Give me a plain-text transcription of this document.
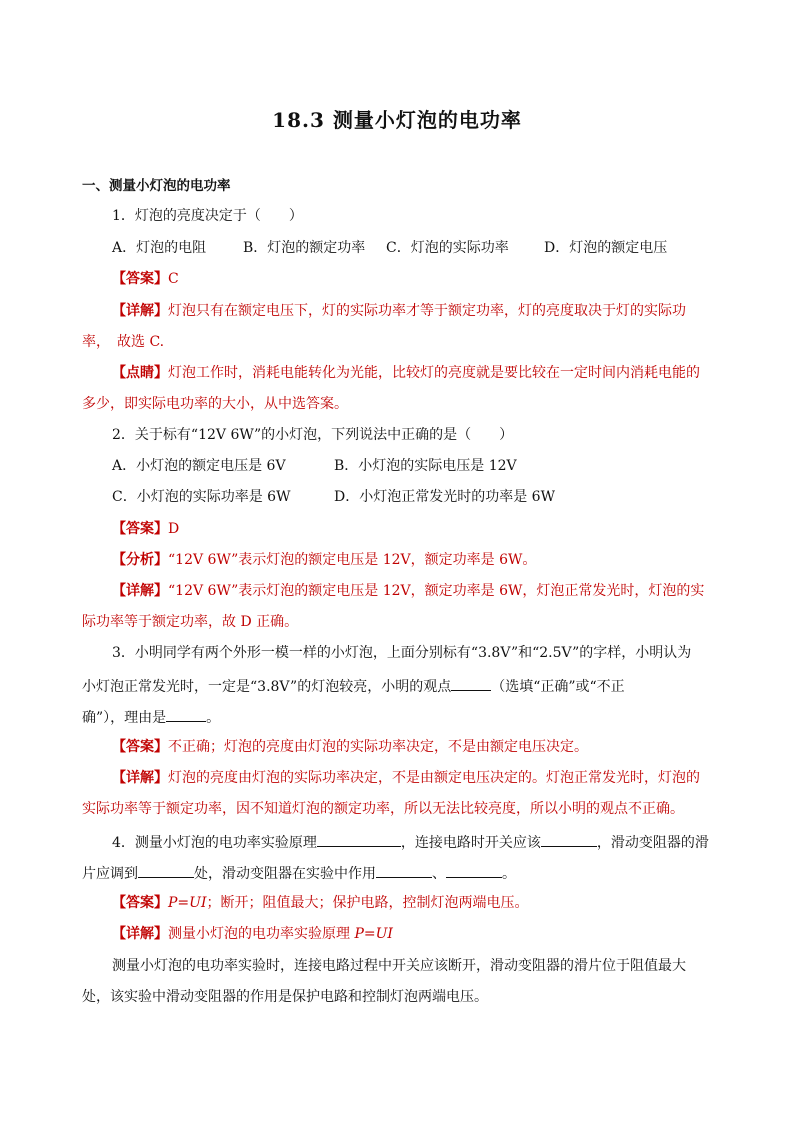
18.3 测量小灯泡的电功率
一、测量小灯泡的电功率
1．灯泡的亮度决定于（　　）
A．灯泡的电阻	B．灯泡的额定功率 C．灯泡的实际功率	D．灯泡的额定电压
【答案】C
【详解】灯泡只有在额定电压下，灯的实际功率才等于额定功率，灯的亮度取决于灯的实际功
率，　故选 C.
【点睛】灯泡工作时，消耗电能转化为光能，比较灯的亮度就是要比较在一定时间内消耗电能的
多少，即实际电功率的大小，从中选答案。
2．关于标有“12V 6W”的小灯泡，下列说法中正确的是（　　）
A．小灯泡的额定电压是 6V	B．小灯泡的实际电压是 12V
C．小灯泡的实际功率是 6W	D．小灯泡正常发光时的功率是 6W
【答案】D
【分析】“12V 6W”表示灯泡的额定电压是 12V，额定功率是 6W。
【详解】“12V 6W”表示灯泡的额定电压是 12V，额定功率是 6W，灯泡正常发光时，灯泡的实
际功率等于额定功率，故 D 正确。
3．小明同学有两个外形一模一样的小灯泡，上面分别标有“3.8V”和“2.5V”的字样，小明认为
小灯泡正常发光时，一定是“3.8V”的灯泡较亮，小明的观点	（选填“正确”或“不正
确”），理由是	。
【答案】不正确；灯泡的亮度由灯泡的实际功率决定，不是由额定电压决定。
【详解】灯泡的亮度由灯泡的实际功率决定，不是由额定电压决定的。灯泡正常发光时，灯泡的
实际功率等于额定功率，因不知道灯泡的额定功率，所以无法比较亮度，所以小明的观点不正确。
4．测量小灯泡的电功率实验原理	，连接电路时开关应该	，滑动变阻器的滑
片应调到	处，滑动变阻器在实验中作用	、	。
【答案】P=UI；断开；阻值最大；保护电路，控制灯泡两端电压。
【详解】测量小灯泡的电功率实验原理 P=UI
测量小灯泡的电功率实验时，连接电路过程中开关应该断开，滑动变阻器的滑片位于阻值最大
处，该实验中滑动变阻器的作用是保护电路和控制灯泡两端电压。
